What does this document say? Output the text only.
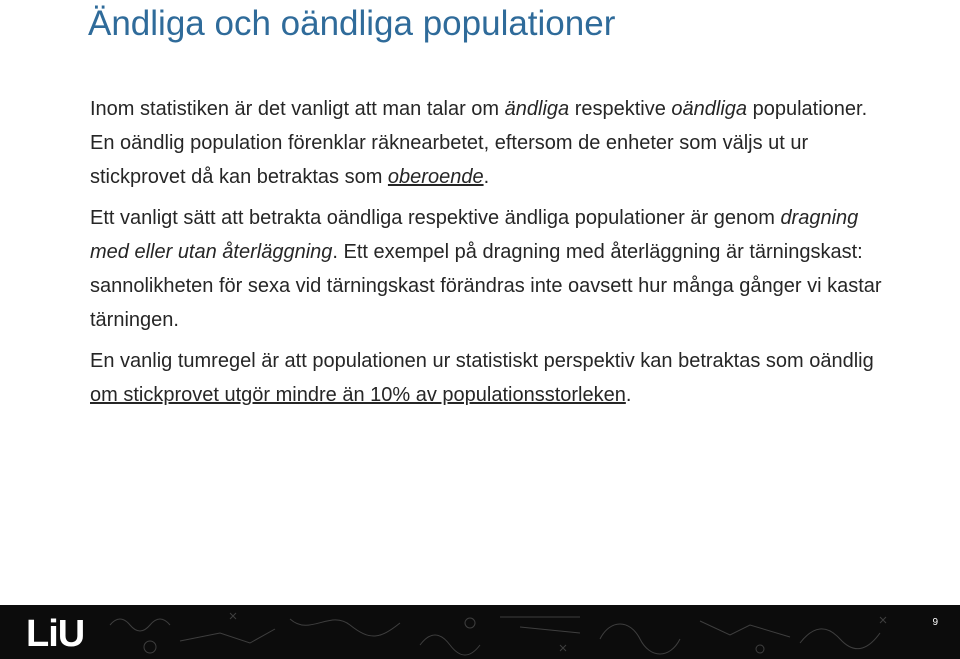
Ändliga och oändliga populationer

Inom statistiken är det vanligt att man talar om ändliga respektive oändliga populationer. En oändlig population förenklar räknearbetet, eftersom de enheter som väljs ut ur stickprovet då kan betraktas som oberoende.

Ett vanligt sätt att betrakta oändliga respektive ändliga populationer är genom dragning med eller utan återläggning. Ett exempel på dragning med återläggning är tärningskast: sannolikheten för sexa vid tärningskast förändras inte oavsett hur många gånger vi kastar tärningen.

En vanlig tumregel är att populationen ur statistiskt perspektiv kan betraktas som oändlig om stickprovet utgör mindre än 10% av populationsstorleken.

LiU	9
